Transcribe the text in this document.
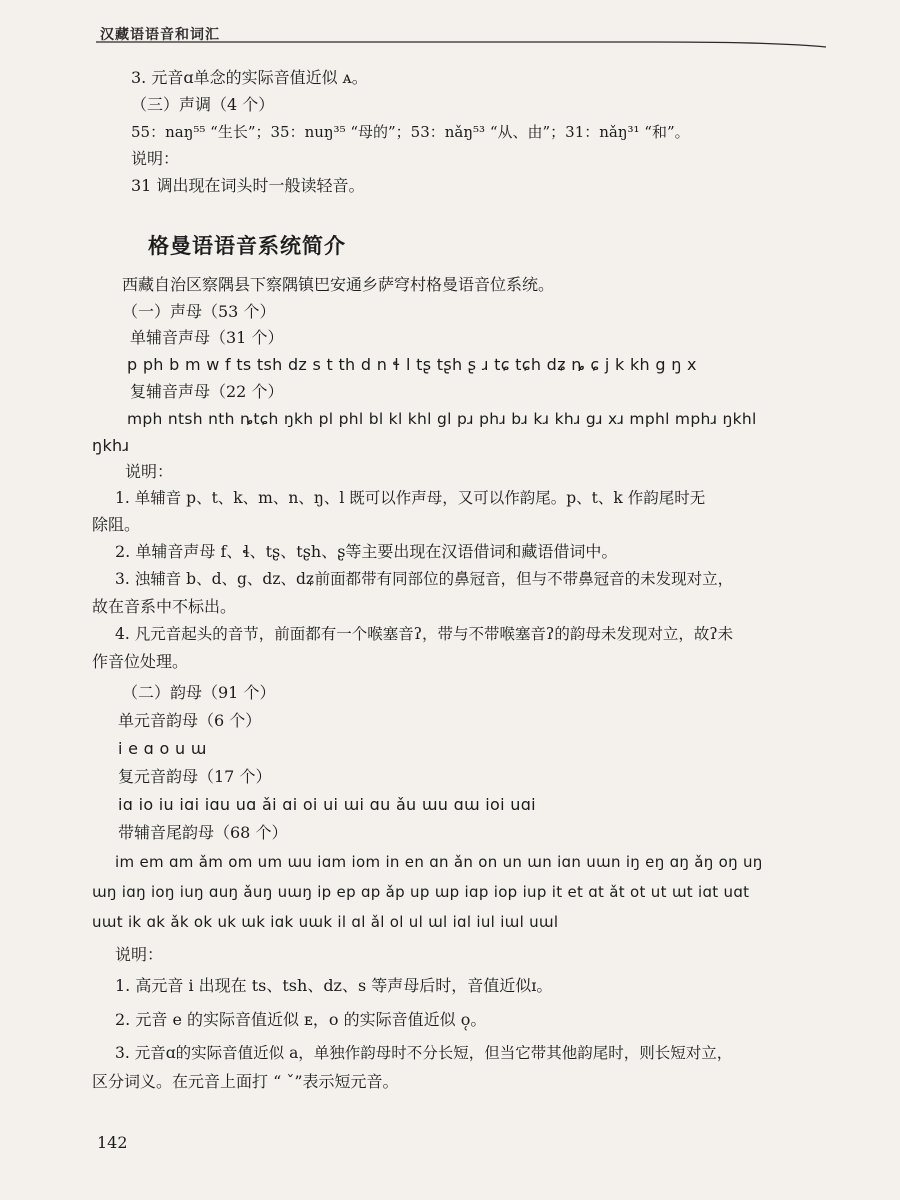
汉藏语语音和词汇
3. 元音ɑ单念的实际音值近似 ᴀ。
（三）声调（4 个）
55：naŋ⁵⁵ “生长”；35：nuŋ³⁵ “母的”；53：nǎŋ⁵³ “从、由”；31：nǎŋ³¹ “和”。
说明：
31 调出现在词头时一般读轻音。
格曼语语音系统简介
西藏自治区察隅县下察隅镇巴安通乡萨穹村格曼语音位系统。
（一）声母（53 个）
单辅音声母（31 个）
p ph b m w f ts tsh dz s t th d n ɬ l tʂ tʂh ʂ ɹ tɕ tɕh dʑ ȵ ɕ j k kh g ŋ x
复辅音声母（22 个）
mph ntsh nth ȵtɕh ŋkh pl phl bl kl khl gl pɹ phɹ bɹ kɹ khɹ gɹ xɹ mphl mphɹ ŋkhl
ŋkhɹ
说明：
1. 单辅音 p、t、k、m、n、ŋ、l 既可以作声母，又可以作韵尾。p、t、k 作韵尾时无
除阻。
2. 单辅音声母 f、ɬ、tʂ、tʂh、ʂ等主要出现在汉语借词和藏语借词中。
3. 浊辅音 b、d、g、dz、dʑ前面都带有同部位的鼻冠音，但与不带鼻冠音的未发现对立，
故在音系中不标出。
4. 凡元音起头的音节，前面都有一个喉塞音ʔ，带与不带喉塞音ʔ的韵母未发现对立，故ʔ未
作音位处理。
（二）韵母（91 个）
单元音韵母（6 个）
i e ɑ o u ɯ
复元音韵母（17 个）
iɑ io iu iɑi iɑu uɑ ǎi ɑi oi ui ɯi ɑu ǎu ɯu ɑɯ ioi uɑi
带辅音尾韵母（68 个）
im em ɑm ǎm om um ɯu iɑm iom in en ɑn ǎn on un ɯn iɑn uɯn iŋ eŋ ɑŋ ǎŋ oŋ uŋ
ɯŋ iɑŋ ioŋ iuŋ ɑuŋ ǎuŋ uɯŋ ip ep ɑp ǎp up ɯp iɑp iop iup it et ɑt ǎt ot ut ɯt iɑt uɑt
uɯt ik ɑk ǎk ok uk ɯk iɑk uɯk il ɑl ǎl ol ul ɯl iɑl iul iɯl uɯl
说明：
1. 高元音 i 出现在 ts、tsh、dz、s 等声母后时，音值近似ɪ。
2. 元音 e 的实际音值近似 ᴇ，o 的实际音值近似 o̜。
3. 元音ɑ的实际音值近似 a，单独作韵母时不分长短，但当它带其他韵尾时，则长短对立，
区分词义。在元音上面打 “ ˇ”表示短元音。
142
